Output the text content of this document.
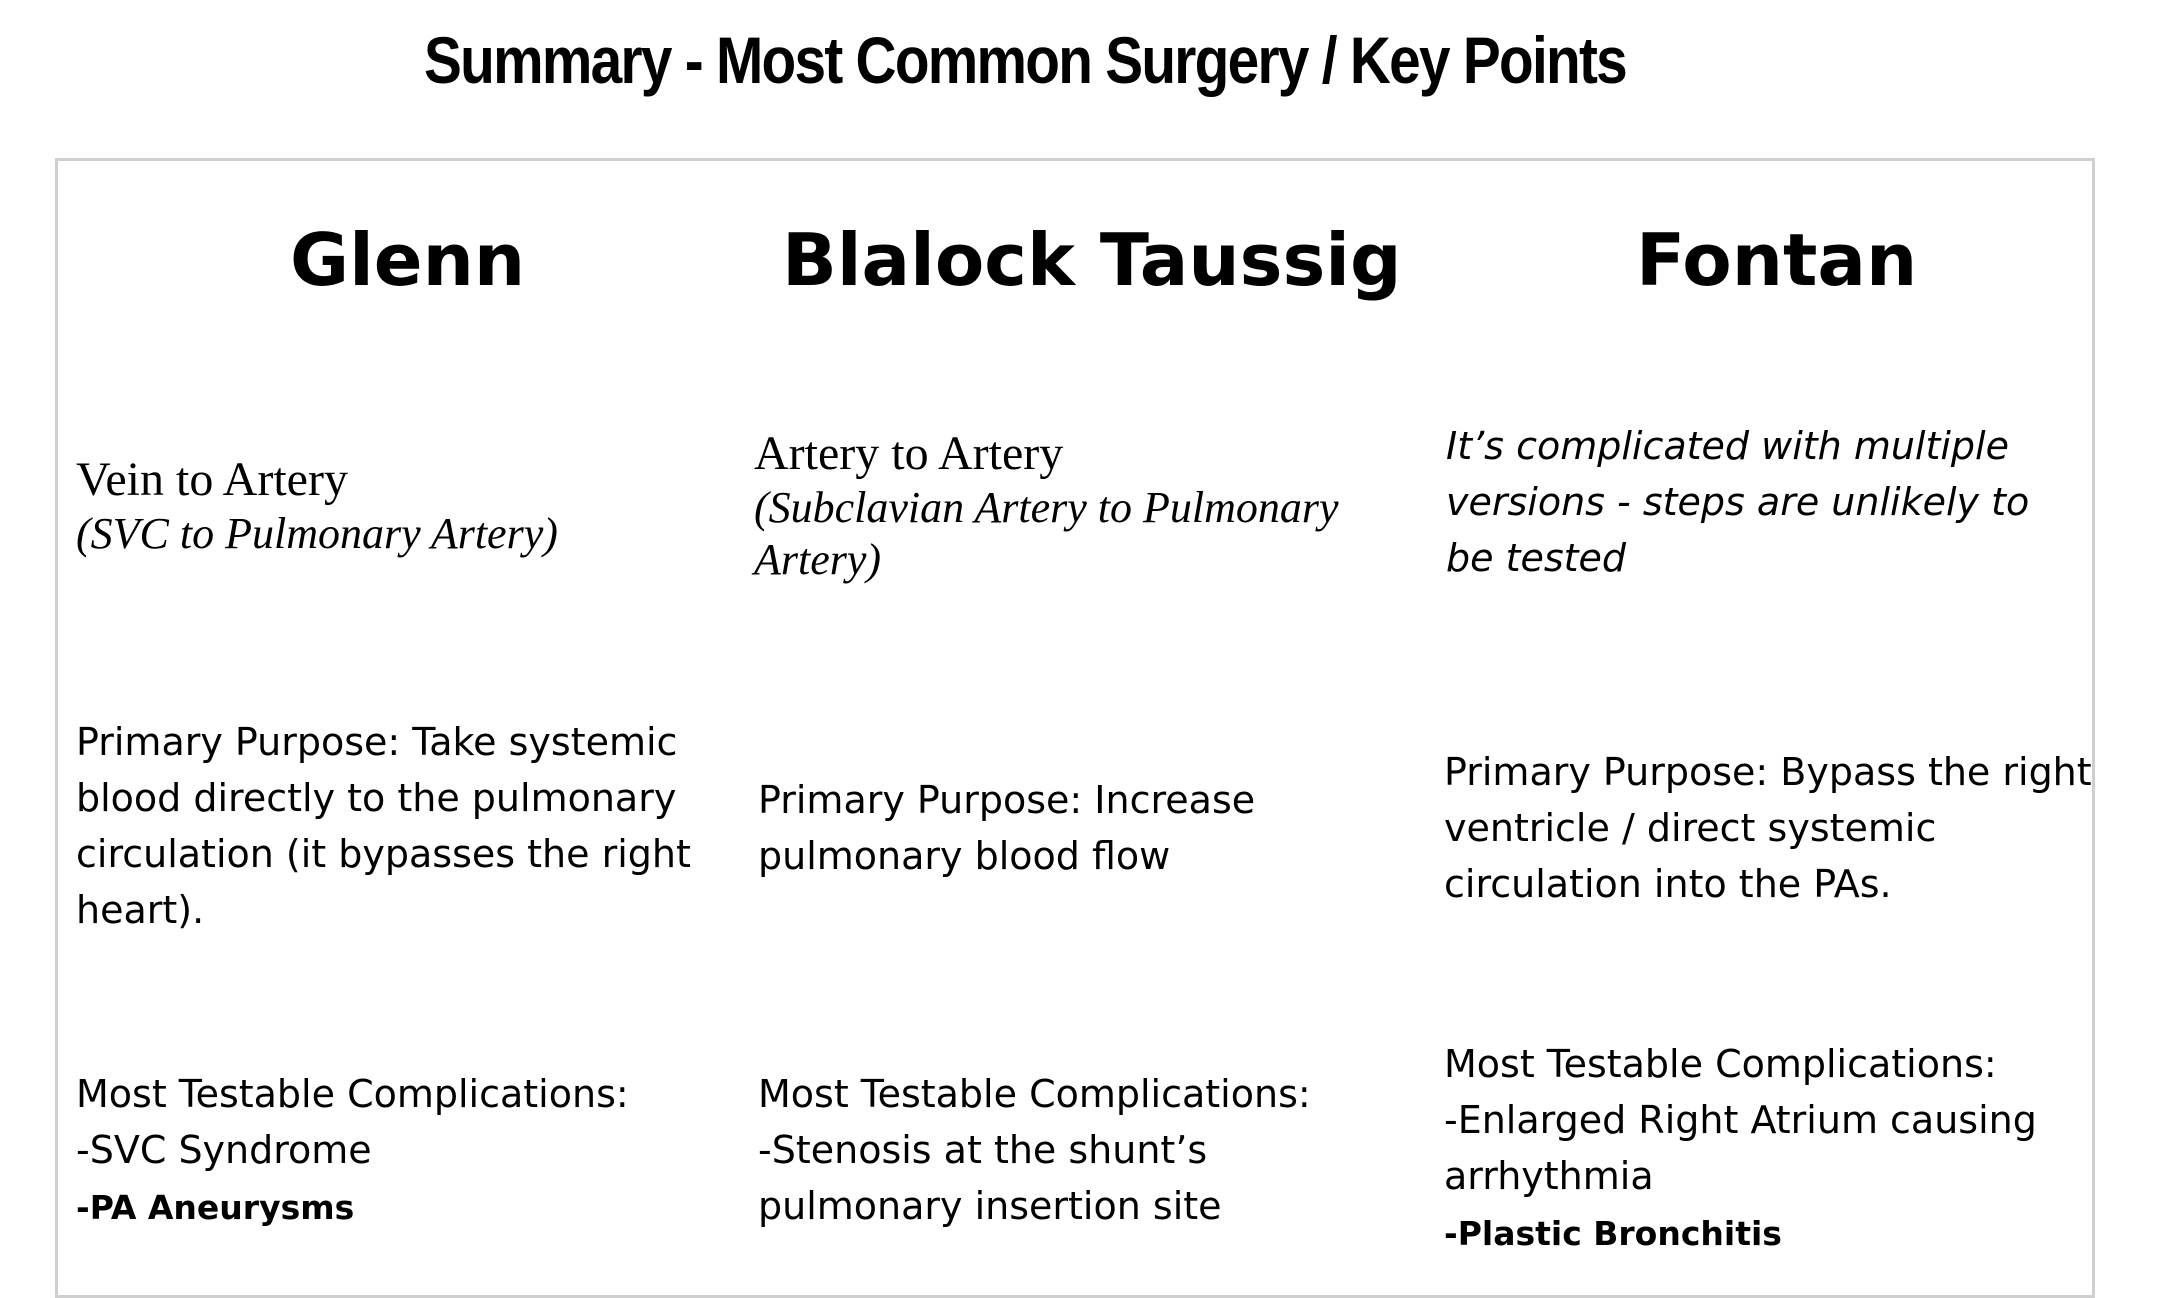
Summary - Most Common Surgery / Key Points
Glenn	Blalock Taussig	Fontan
Vein to Artery
(SVC to Pulmonary Artery)
Artery to Artery
(Subclavian Artery to Pulmonary Artery)
It’s complicated with multiple versions - steps are unlikely to be tested
Primary Purpose: Take systemic blood directly to the pulmonary circulation (it bypasses the right heart).
Primary Purpose: Increase pulmonary blood flow
Primary Purpose: Bypass the right ventricle / direct systemic circulation into the PAs.
Most Testable Complications:
-SVC Syndrome
-PA Aneurysms
Most Testable Complications:
-Stenosis at the shunt’s pulmonary insertion site
Most Testable Complications:
-Enlarged Right Atrium causing arrhythmia
-Plastic Bronchitis
